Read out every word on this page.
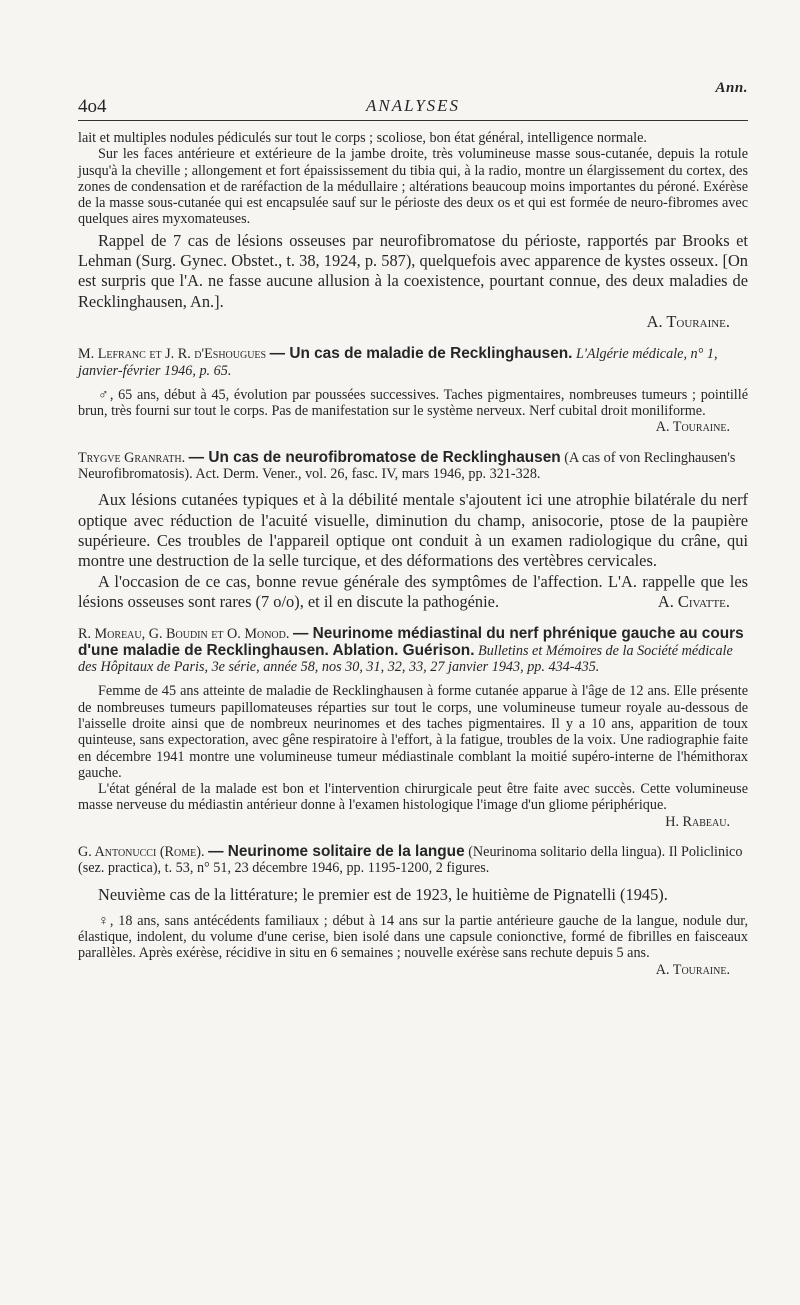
Ann.
4o4	ANALYSES

lait et multiples nodules pédiculés sur tout le corps ; scoliose, bon état général, intelligence normale.

Sur les faces antérieure et extérieure de la jambe droite, très volumineuse masse sous-cutanée, depuis la rotule jusqu'à la cheville ; allongement et fort épaississement du tibia qui, à la radio, montre un élargissement du cortex, des zones de condensation et de raréfaction de la médullaire ; altérations beaucoup moins importantes du péroné. Exérèse de la masse sous-cutanée qui est encapsulée sauf sur le périoste des deux os et qui est formée de neuro-fibromes avec quelques aires myxomateuses.

Rappel de 7 cas de lésions osseuses par neurofibromatose du périoste, rapportés par Brooks et Lehman (Surg. Gynec. Obstet., t. 38, 1924, p. 587), quelquefois avec apparence de kystes osseux. [On est surpris que l'A. ne fasse aucune allusion à la coexistence, pourtant connue, des deux maladies de Recklinghausen, An.].

A. Touraine.
M. Lefranc et J. R. d'Eshougues — Un cas de maladie de Recklinghausen. L'Algérie médicale, n° 1, janvier-février 1946, p. 65.

♂, 65 ans, début à 45, évolution par poussées successives. Taches pigmentaires, nombreuses tumeurs ; pointillé brun, très fourni sur tout le corps. Pas de manifestation sur le système nerveux. Nerf cubital droit moniliforme.

A. Touraine.
Trygve Granrath. — Un cas de neurofibromatose de Recklinghausen (A cas of von Reclinghausen's Neurofibromatosis). Act. Derm. Vener., vol. 26, fasc. IV, mars 1946, pp. 321-328.

Aux lésions cutanées typiques et à la débilité mentale s'ajoutent ici une atrophie bilatérale du nerf optique avec réduction de l'acuité visuelle, diminution du champ, anisocorie, ptose de la paupière supérieure. Ces troubles de l'appareil optique ont conduit à un examen radiologique du crâne, qui montre une destruction de la selle turcique, et des déformations des vertèbres cervicales.

A l'occasion de ce cas, bonne revue générale des symptômes de l'affection. L'A. rappelle que les lésions osseuses sont rares (7 o/o), et il en discute la pathogénie.	A. Civatte.
R. Moreau, G. Boudin et O. Monod. — Neurinome médiastinal du nerf phrénique gauche au cours d'une maladie de Recklinghausen. Ablation. Guérison. Bulletins et Mémoires de la Société médicale des Hôpitaux de Paris, 3e série, année 58, nos 30, 31, 32, 33, 27 janvier 1943, pp. 434-435.

Femme de 45 ans atteinte de maladie de Recklinghausen à forme cutanée apparue à l'âge de 12 ans. Elle présente de nombreuses tumeurs papillomateuses réparties sur tout le corps, une volumineuse tumeur royale au-dessous de l'aisselle droite ainsi que de nombreux neurinomes et des taches pigmentaires. Il y a 10 ans, apparition de toux quinteuse, sans expectoration, avec gêne respiratoire à l'effort, à la fatigue, troubles de la voix. Une radiographie faite en décembre 1941 montre une volumineuse tumeur médiastinale comblant la moitié supéro-interne de l'hémithorax gauche.

L'état général de la malade est bon et l'intervention chirurgicale peut être faite avec succès. Cette volumineuse masse nerveuse du médiastin antérieur donne à l'examen histologique l'image d'un gliome périphérique.

H. Rabeau.
G. Antonucci (Rome). — Neurinome solitaire de la langue (Neurinoma solitario della lingua). Il Policlinico (sez. practica), t. 53, n° 51, 23 décembre 1946, pp. 1195-1200, 2 figures.

Neuvième cas de la littérature; le premier est de 1923, le huitième de Pignatelli (1945).

♀, 18 ans, sans antécédents familiaux ; début à 14 ans sur la partie antérieure gauche de la langue, nodule dur, élastique, indolent, du volume d'une cerise, bien isolé dans une capsule conionctive, formé de fibrilles en faisceaux parallèles. Après exérèse, récidive in situ en 6 semaines ; nouvelle exérèse sans rechute depuis 5 ans.

A. Touraine.
